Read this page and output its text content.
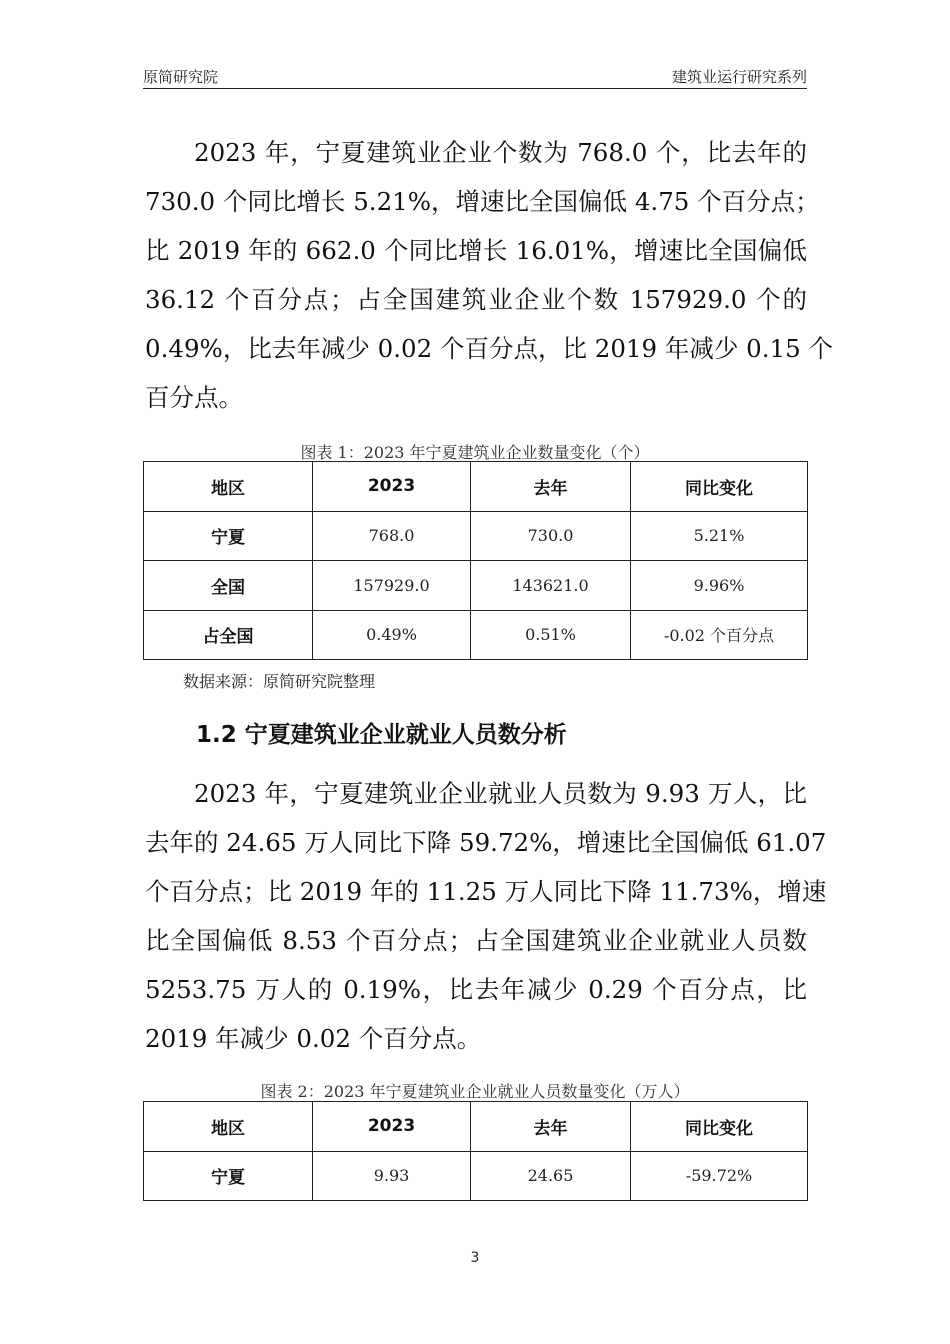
原简研究院	建筑业运行研究系列
2023 年，宁夏建筑业企业个数为 768.0 个，比去年的
730.0 个同比增长 5.21%，增速比全国偏低 4.75 个百分点；
比 2019 年的 662.0 个同比增长 16.01%，增速比全国偏低
36.12 个百分点；占全国建筑业企业个数 157929.0 个的
0.49%，比去年减少 0.02 个百分点，比 2019 年减少 0.15 个
百分点。
图表 1：2023 年宁夏建筑业企业数量变化（个）
地区	2023	去年	同比变化
宁夏	768.0	730.0	5.21%
全国	157929.0	143621.0	9.96%
占全国	0.49%	0.51%	-0.02 个百分点
数据来源：原简研究院整理
1.2 宁夏建筑业企业就业人员数分析
2023 年，宁夏建筑业企业就业人员数为 9.93 万人，比
去年的 24.65 万人同比下降 59.72%，增速比全国偏低 61.07
个百分点；比 2019 年的 11.25 万人同比下降 11.73%，增速
比全国偏低 8.53 个百分点；占全国建筑业企业就业人员数
5253.75 万人的 0.19%，比去年减少 0.29 个百分点，比
2019 年减少 0.02 个百分点。
图表 2：2023 年宁夏建筑业企业就业人员数量变化（万人）
地区	2023	去年	同比变化
宁夏	9.93	24.65	-59.72%
3
